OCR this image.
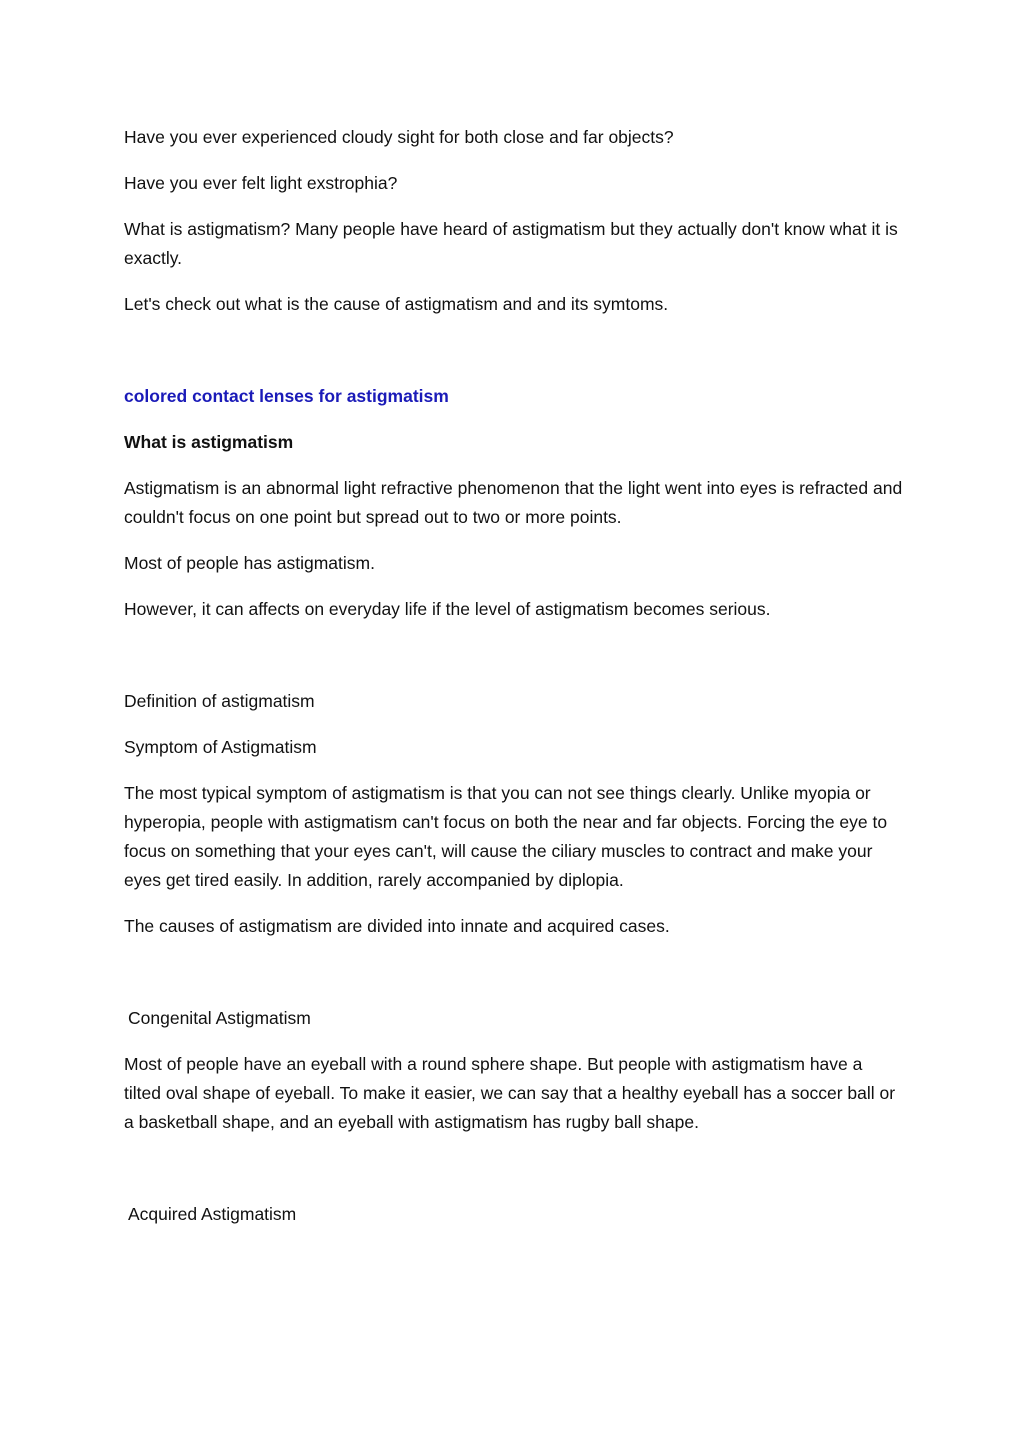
Have you ever experienced cloudy sight for both close and far objects?

Have you ever felt light exstrophia?

What is astigmatism? Many people have heard of astigmatism but they actually don't know what it is exactly.

Let's check out what is the cause of astigmatism and and its symtoms.

colored contact lenses for astigmatism

What is astigmatism

Astigmatism is an abnormal light refractive phenomenon that the light went into eyes is refracted and couldn't focus on one point but spread out to two or more points.

Most of people has astigmatism.

However, it can affects on everyday life if the level of astigmatism becomes serious.

Definition of astigmatism

Symptom of Astigmatism

The most typical symptom of astigmatism is that you can not see things clearly. Unlike myopia or hyperopia, people with astigmatism can't focus on both the near and far objects. Forcing the eye to focus on something that your eyes can't, will cause the ciliary muscles to contract and make your eyes get tired easily. In addition, rarely accompanied by diplopia.

The causes of astigmatism are divided into innate and acquired cases.

Congenital Astigmatism

Most of people have an eyeball with a round sphere shape. But people with astigmatism have a tilted oval shape of eyeball. To make it easier, we can say that a healthy eyeball has a soccer ball or a basketball shape, and an eyeball with astigmatism has rugby ball shape.

Acquired Astigmatism
